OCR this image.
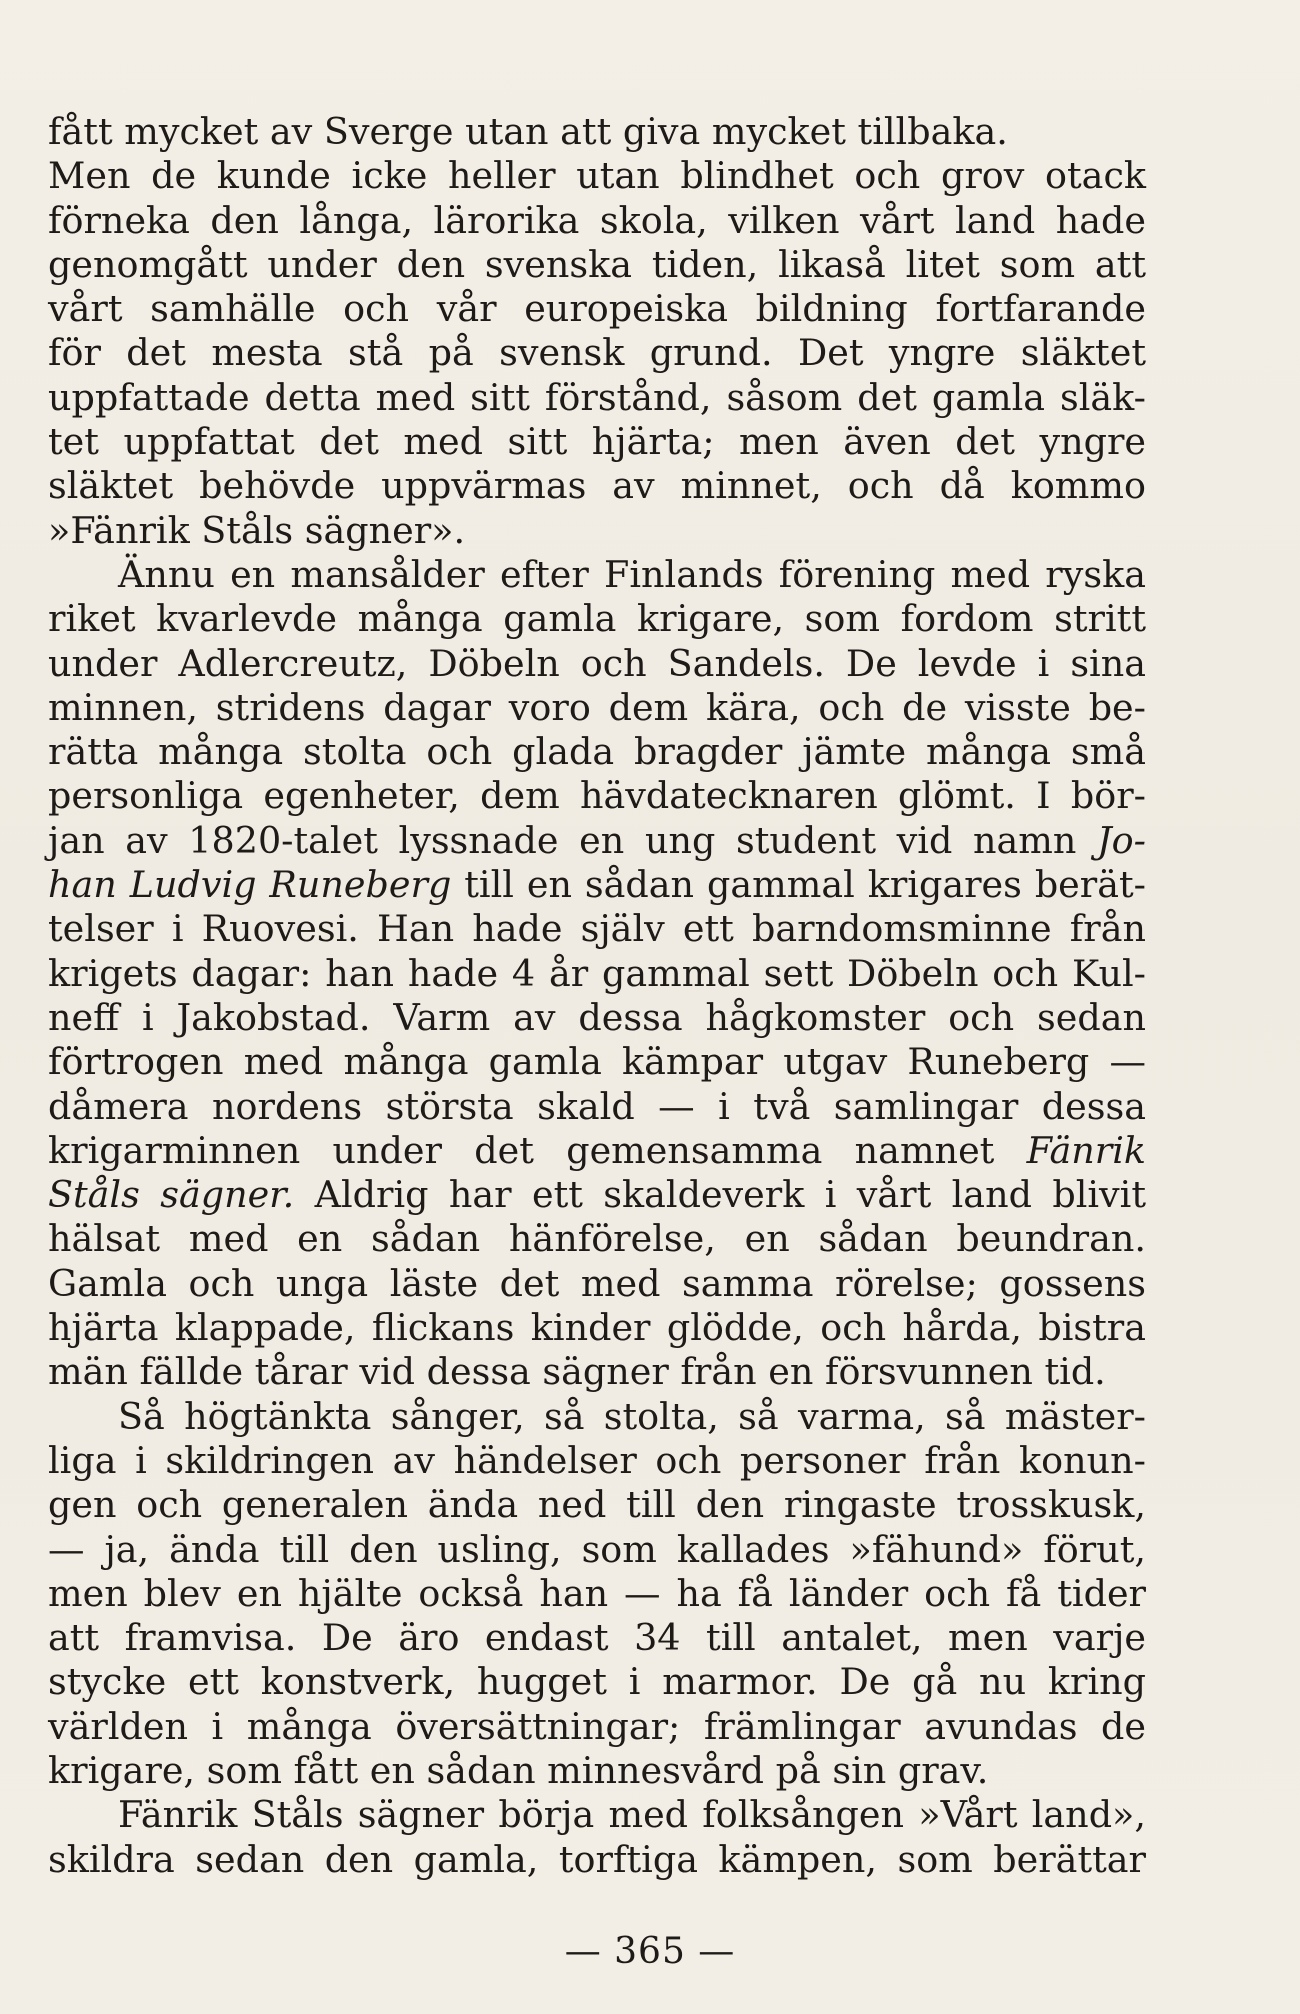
fått mycket av Sverge utan att giva mycket tillbaka.
Men de kunde icke heller utan blindhet och grov otack
förneka den långa, lärorika skola, vilken vårt land hade
genomgått under den svenska tiden, likaså litet som att
vårt samhälle och vår europeiska bildning fortfarande
för det mesta stå på svensk grund. Det yngre släktet
uppfattade detta med sitt förstånd, såsom det gamla släk-
tet uppfattat det med sitt hjärta; men även det yngre
släktet behövde uppvärmas av minnet, och då kommo
»Fänrik Ståls sägner».
Ännu en mansålder efter Finlands förening med ryska
riket kvarlevde många gamla krigare, som fordom stritt
under Adlercreutz, Döbeln och Sandels. De levde i sina
minnen, stridens dagar voro dem kära, och de visste be-
rätta många stolta och glada bragder jämte många små
personliga egenheter, dem hävdatecknaren glömt. I bör-
jan av 1820-talet lyssnade en ung student vid namn Jo-
han Ludvig Runeberg till en sådan gammal krigares berät-
telser i Ruovesi. Han hade själv ett barndomsminne från
krigets dagar: han hade 4 år gammal sett Döbeln och Kul-
neff i Jakobstad. Varm av dessa hågkomster och sedan
förtrogen med många gamla kämpar utgav Runeberg —
dåmera nordens största skald — i två samlingar dessa
krigarminnen under det gemensamma namnet Fänrik
Ståls sägner. Aldrig har ett skaldeverk i vårt land blivit
hälsat med en sådan hänförelse, en sådan beundran.
Gamla och unga läste det med samma rörelse; gossens
hjärta klappade, flickans kinder glödde, och hårda, bistra
män fällde tårar vid dessa sägner från en försvunnen tid.
Så högtänkta sånger, så stolta, så varma, så mäster-
liga i skildringen av händelser och personer från konun-
gen och generalen ända ned till den ringaste trosskusk,
— ja, ända till den usling, som kallades »fähund» förut,
men blev en hjälte också han — ha få länder och få tider
att framvisa. De äro endast 34 till antalet, men varje
stycke ett konstverk, hugget i marmor. De gå nu kring
världen i många översättningar; främlingar avundas de
krigare, som fått en sådan minnesvård på sin grav.
Fänrik Ståls sägner börja med folksången »Vårt land»,
skildra sedan den gamla, torftiga kämpen, som berättar
— 365 —
